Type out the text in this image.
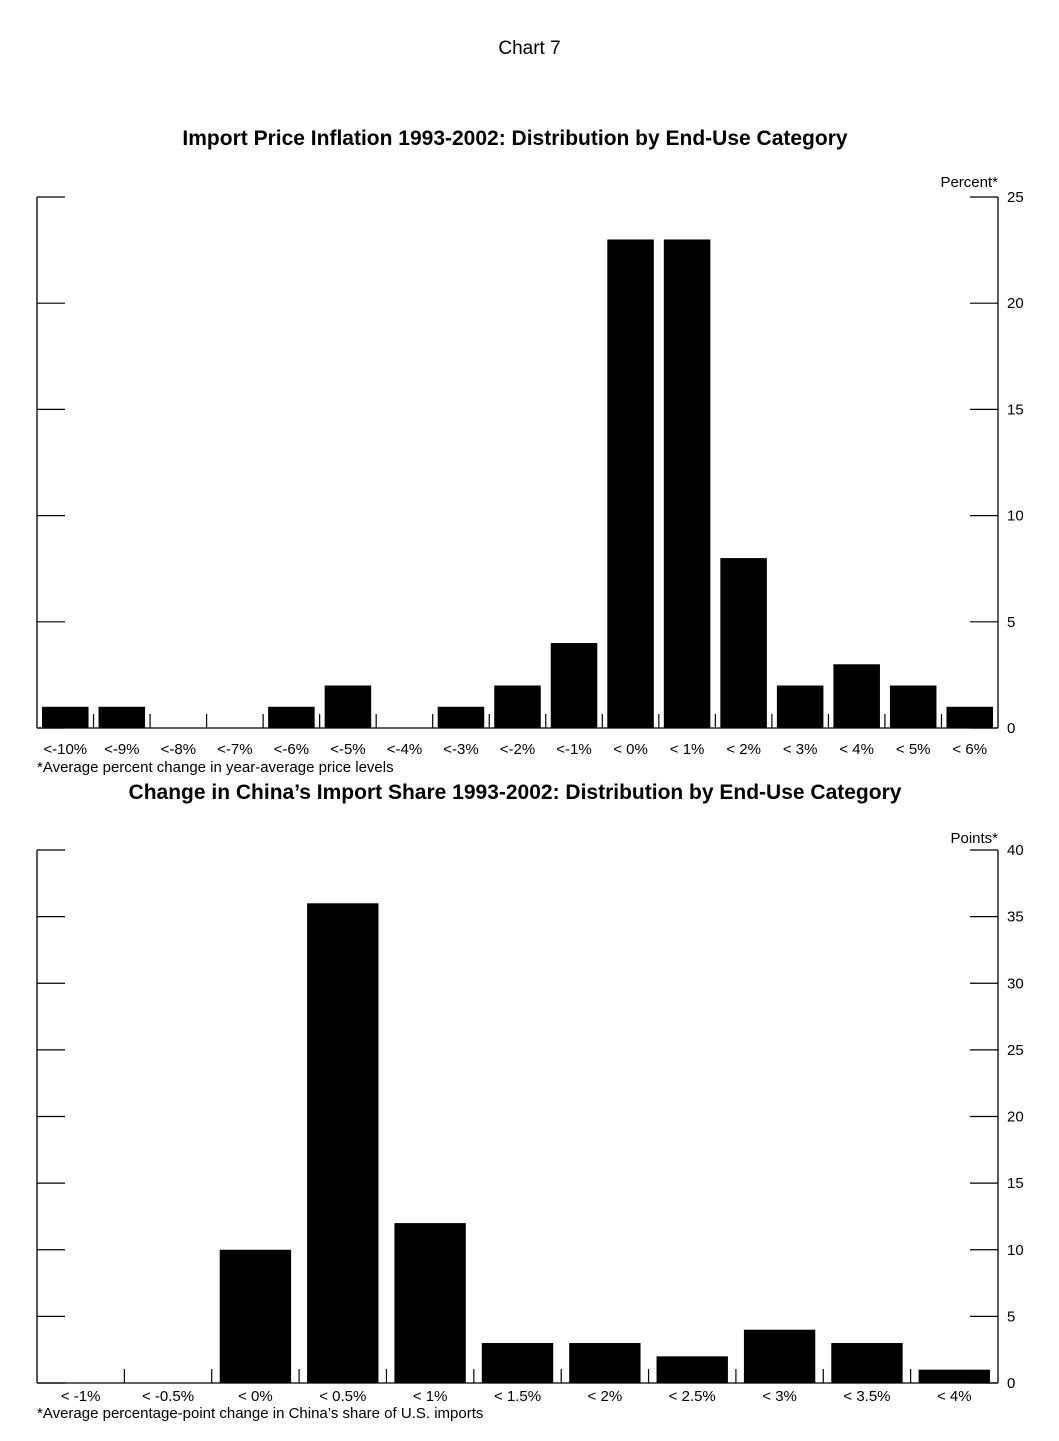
Chart 7
Import Price Inflation 1993-2002: Distribution by End-Use Category
Percent*
0
5
10
15
20
25
<-10% <-9% <-8% <-7% <-6% <-5% <-4% <-3% <-2% <-1% < 0% < 1% < 2% < 3% < 4% < 5% < 6%
*Average percent change in year-average price levels
Change in China’s Import Share 1993-2002: Distribution by End-Use Category
Points*
0
5
10
15
20
25
30
35
40
< -1%	< -0.5%	< 0%	< 0.5%	< 1%	< 1.5%	< 2%	< 2.5%	< 3%	< 3.5%	< 4%
*Average percentage-point change in China’s share of U.S. imports
